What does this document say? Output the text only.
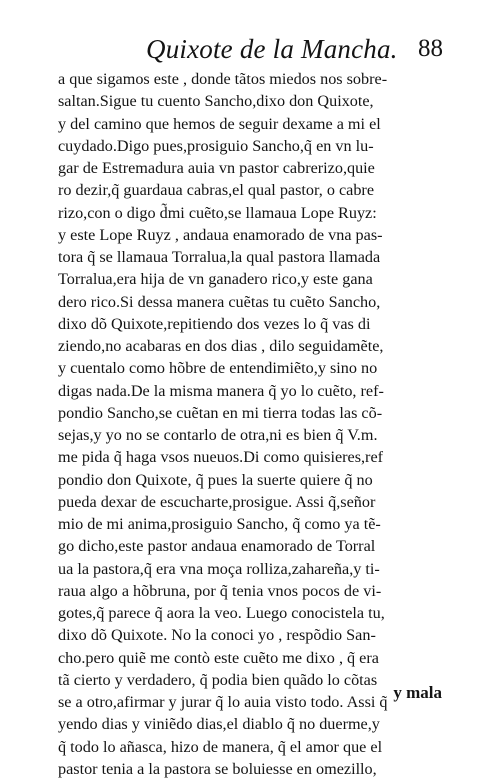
Quixote de la Mancha. 88
a que sigamos este , donde tãtos miedos nos sobre-
saltan.Sigue tu cuento Sancho,dixo don Quixote,
y del camino que hemos de seguir dexame a mi el
cuydado.Digo pues,prosiguio Sancho,q̃ en vn lu-
gar de Estremadura auia vn pastor cabrerizo,quie
ro dezir,q̃ guardaua cabras,el qual pastor, o cabre
rizo,con o digo d̃mi cuẽto,se llamaua Lope Ruyz:
y este Lope Ruyz , andaua enamorado de vna pas-
tora q̃ se llamaua Torralua,la qual pastora llamada
Torralua,era hija de vn ganadero rico,y este gana
dero rico.Si dessa manera cuẽtas tu cuẽto Sancho,
dixo dõ Quixote,repitiendo dos vezes lo q̃ vas di
ziendo,no acabaras en dos dias , dilo seguidamẽte,
y cuentalo como hõbre de entendimiẽto,y sino no
digas nada.De la misma manera q̃ yo lo cuẽto, ref-
pondio Sancho,se cuẽtan en mi tierra todas las cõ-
sejas,y yo no se contarlo de otra,ni es bien q̃ V.m.
me pida q̃ haga vsos nueuos.Di como quisieres,ref
pondio don Quixote, q̃ pues la suerte quiere q̃ no
pueda dexar de escucharte,prosigue. Assi q̃,señor
mio de mi anima,prosiguio Sancho, q̃ como ya tẽ-
go dicho,este pastor andaua enamorado de Torral
ua la pastora,q̃ era vna moça rolliza,zahareña,y ti-
raua algo a hõbruna, por q̃ tenia vnos pocos de vi-
gotes,q̃ parece q̃ aora la veo. Luego conocistela tu,
dixo dõ Quixote. No la conoci yo , respõdio San-
cho.pero quiẽ me contò este cuẽto me dixo , q̃ era
tã cierto y verdadero, q̃ podia bien quãdo lo cõtas
se a otro,afirmar y jurar q̃ lo auia visto todo. Assi q̃
yendo dias y viniẽdo dias,el diablo q̃ no duerme,y
q̃ todo lo añasca, hizo de manera, q̃ el amor que el
pastor tenia a la pastora se boluiesse en omezillo,
y mala
